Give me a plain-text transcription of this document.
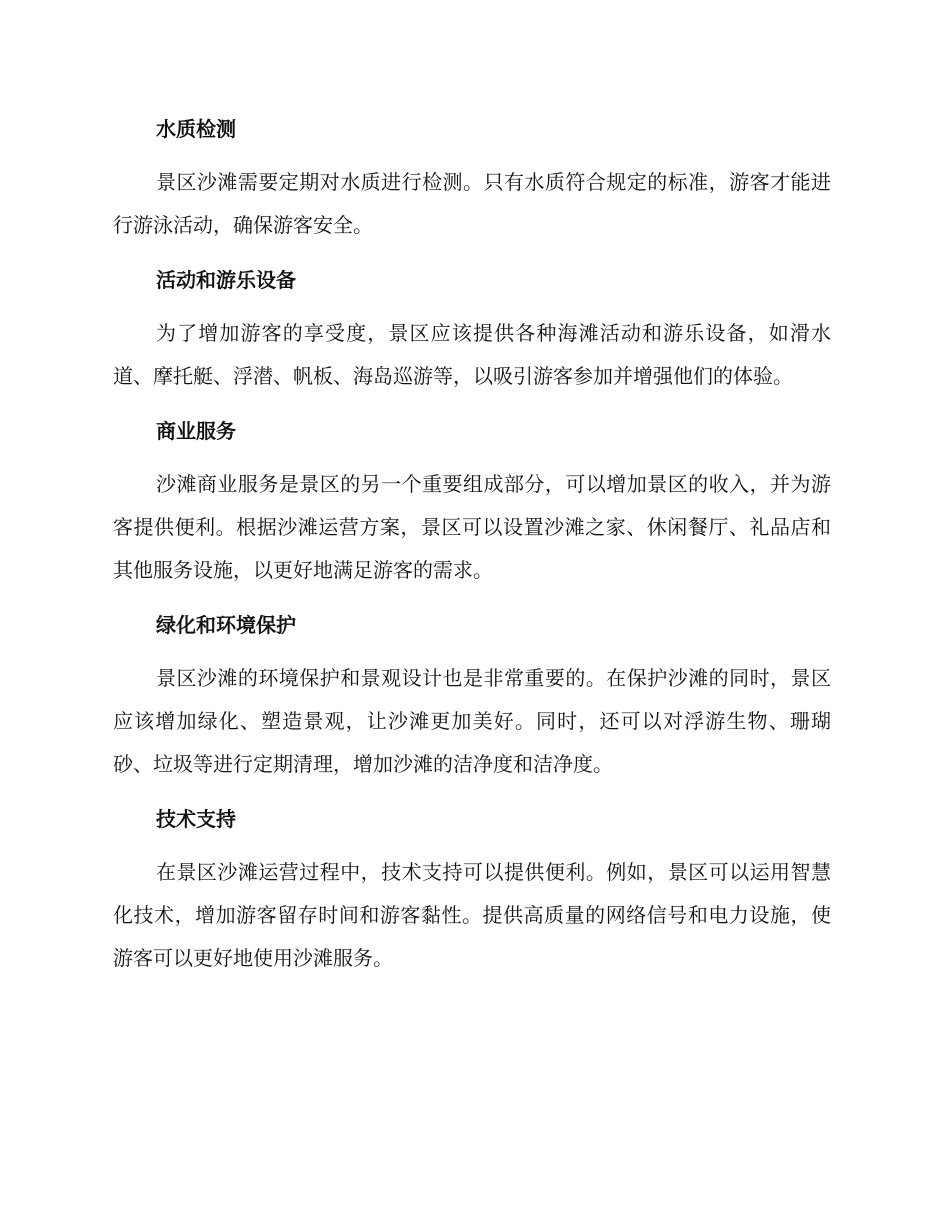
水质检测

景区沙滩需要定期对水质进行检测。只有水质符合规定的标准，游客才能进行游泳活动，确保游客安全。

活动和游乐设备

为了增加游客的享受度，景区应该提供各种海滩活动和游乐设备，如滑水道、摩托艇、浮潜、帆板、海岛巡游等，以吸引游客参加并增强他们的体验。

商业服务

沙滩商业服务是景区的另一个重要组成部分，可以增加景区的收入，并为游客提供便利。根据沙滩运营方案，景区可以设置沙滩之家、休闲餐厅、礼品店和其他服务设施，以更好地满足游客的需求。

绿化和环境保护

景区沙滩的环境保护和景观设计也是非常重要的。在保护沙滩的同时，景区应该增加绿化、塑造景观，让沙滩更加美好。同时，还可以对浮游生物、珊瑚砂、垃圾等进行定期清理，增加沙滩的洁净度和洁净度。

技术支持

在景区沙滩运营过程中，技术支持可以提供便利。例如，景区可以运用智慧化技术，增加游客留存时间和游客黏性。提供高质量的网络信号和电力设施，使游客可以更好地使用沙滩服务。
